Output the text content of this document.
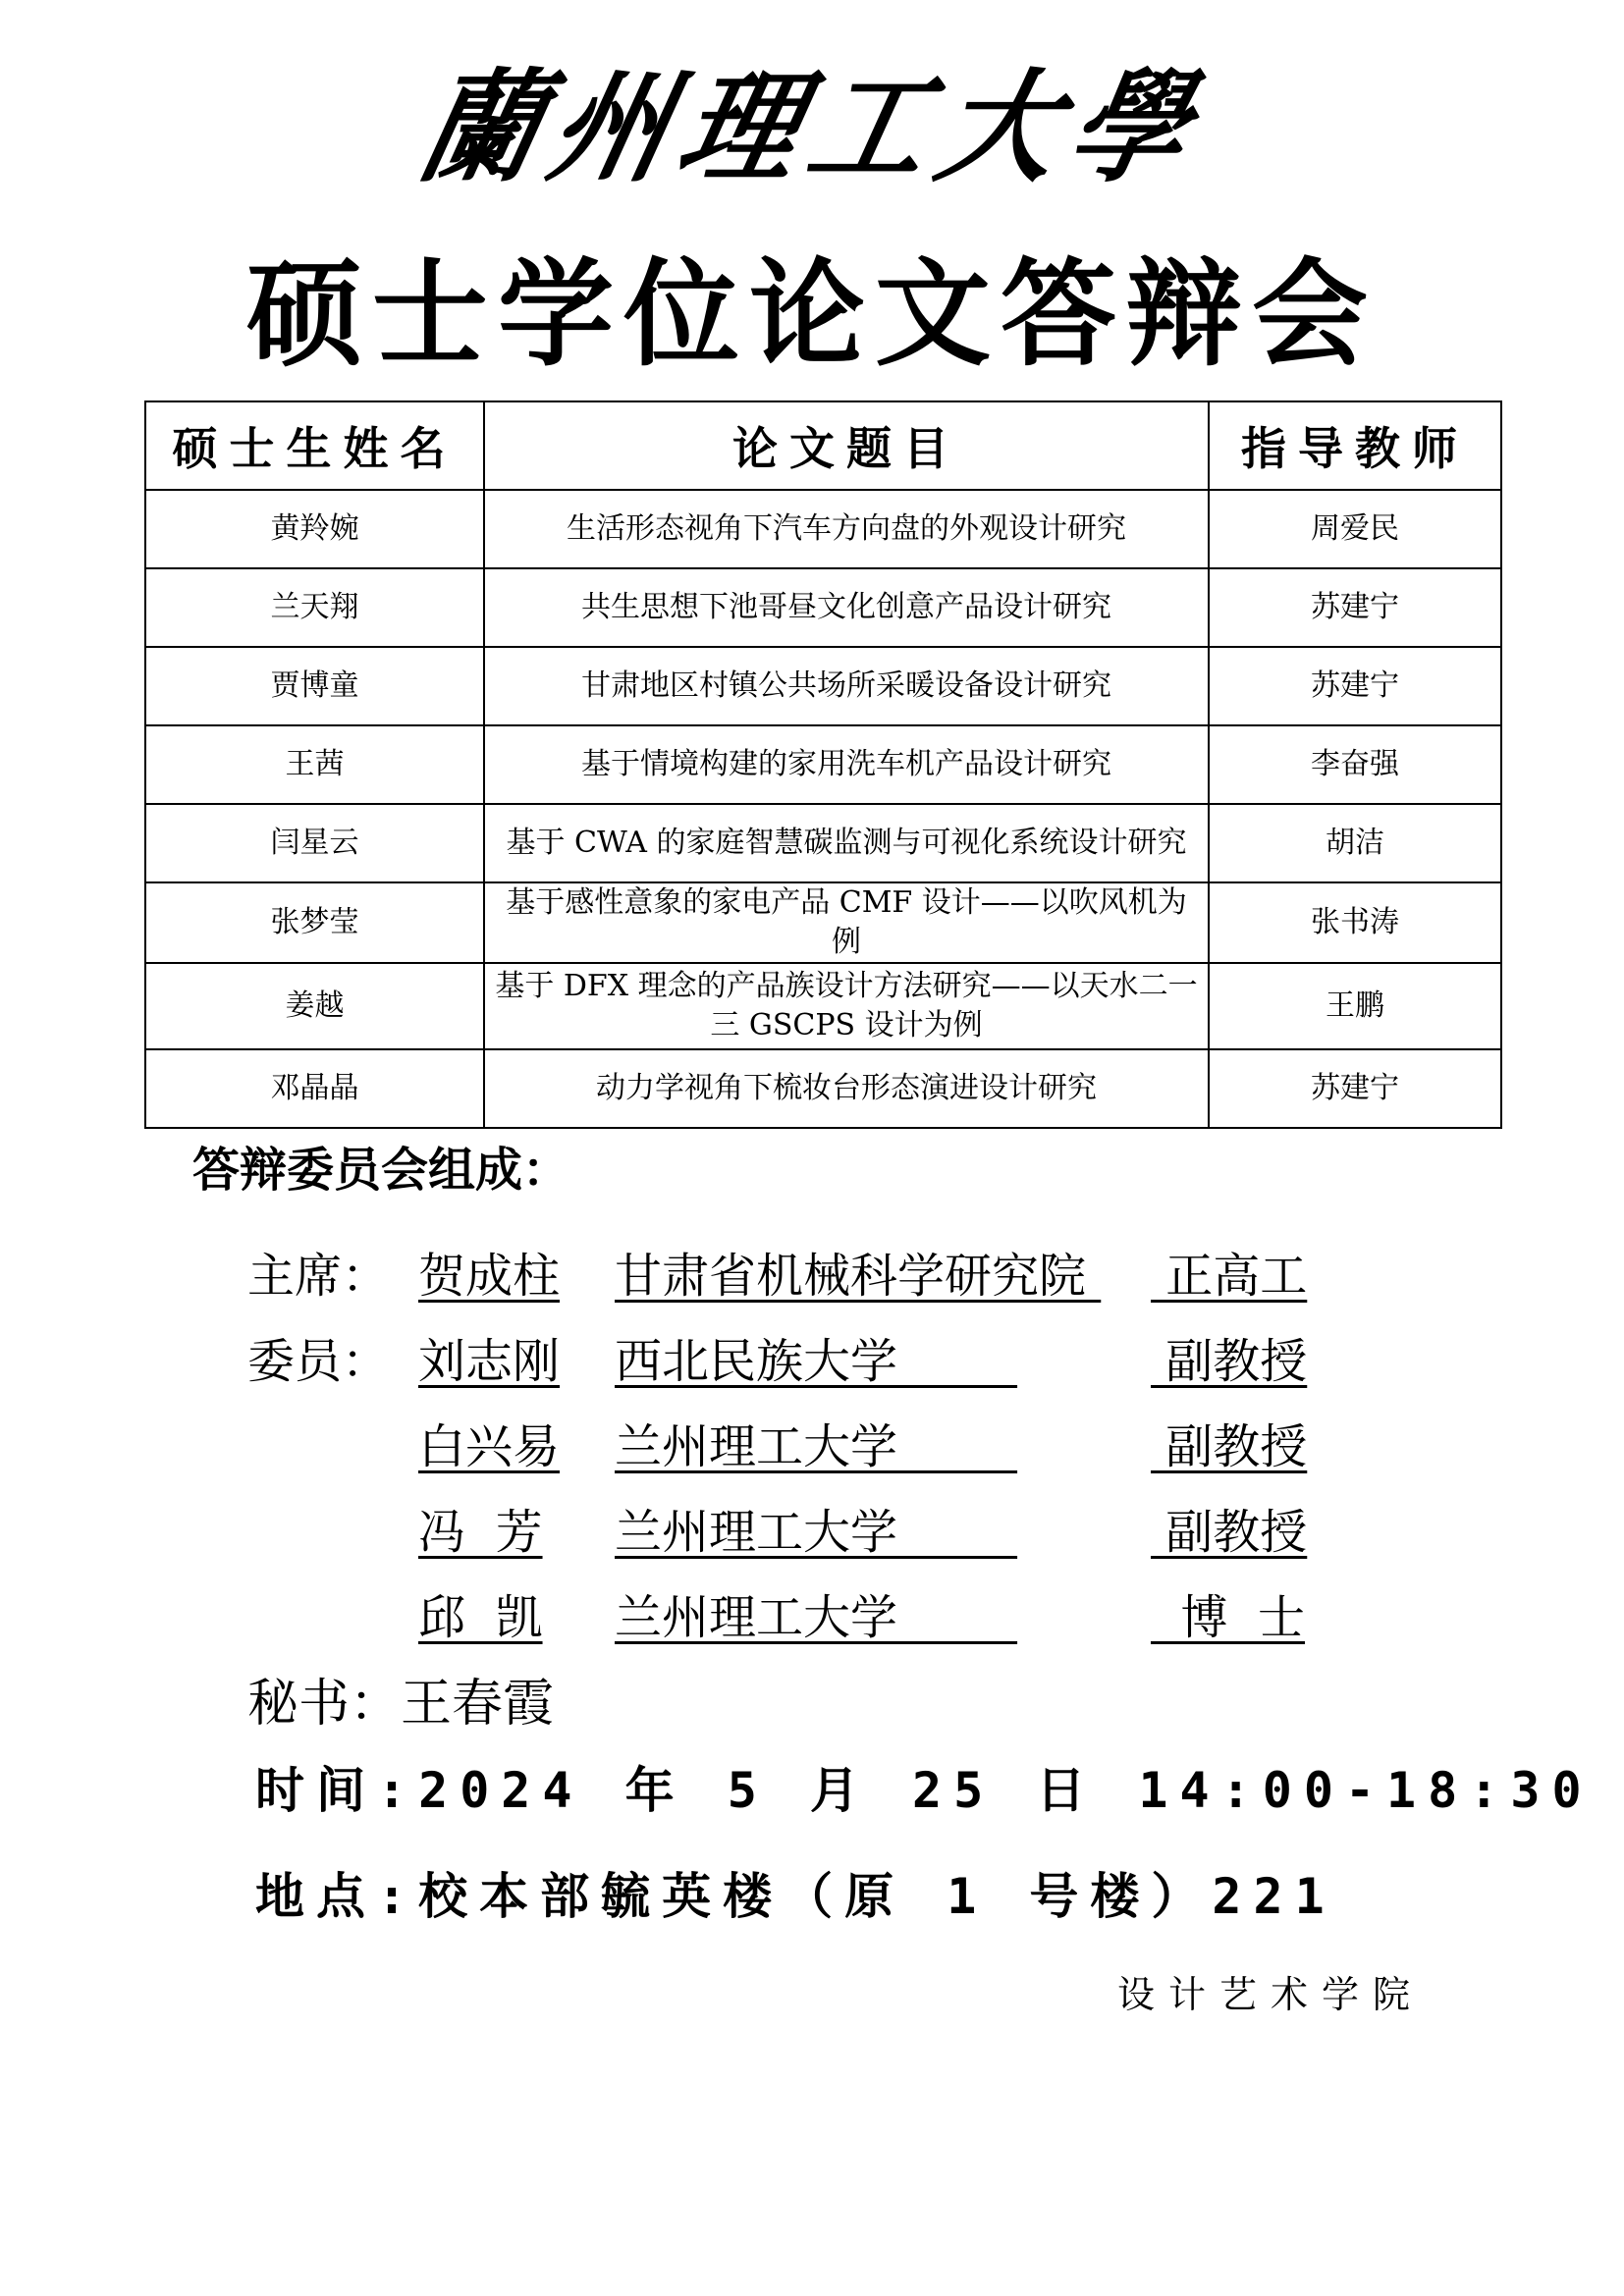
蘭州理工大學
硕士学位论文答辩会
硕士生姓名	论文题目	指导教师
黄羚婉	生活形态视角下汽车方向盘的外观设计研究	周爱民
兰天翔	共生思想下池哥昼文化创意产品设计研究	苏建宁
贾博童	甘肃地区村镇公共场所采暖设备设计研究	苏建宁
王茜	基于情境构建的家用洗车机产品设计研究	李奋强
闫星云	基于 CWA 的家庭智慧碳监测与可视化系统设计研究	胡洁
张梦莹	基于感性意象的家电产品 CMF 设计——以吹风机为例	张书涛
姜越	基于 DFX 理念的产品族设计方法研究——以天水二一
三 GSCPS 设计为例	王鹏
邓晶晶	动力学视角下梳妆台形态演进设计研究	苏建宁
答辩委员会组成：
主席： 贺成柱 甘肃省机械科学研究院 正高工
委员： 刘志刚 西北民族大学	副教授
白兴易 兰州理工大学	副教授
冯  芳 兰州理工大学	副教授
邱  凯 兰州理工大学	博  士
秘书：王春霞
时间:2024 年 5 月 25 日 14:00-18:30
地点:校本部毓英楼（原 1 号楼）221
设计艺术学院
